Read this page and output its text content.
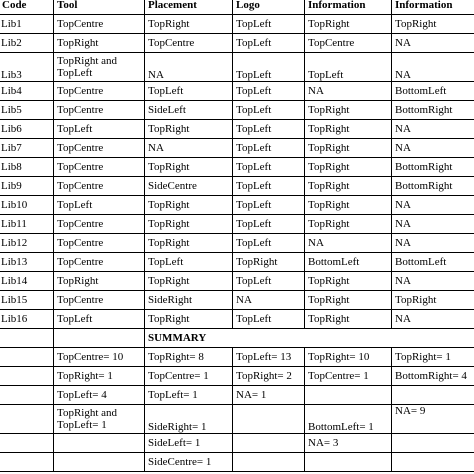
Code	Tool	Placement	Logo	Information	Information
Lib1	TopCentre	TopRight	TopLeft	TopRight	TopRight
Lib2	TopRight	TopCentre	TopLeft	TopCentre	NA
Lib3	TopRight and TopLeft	NA	TopLeft	TopLeft	NA
Lib4	TopCentre	TopLeft	TopLeft	NA	BottomLeft
Lib5	TopCentre	SideLeft	TopLeft	TopRight	BottomRight
Lib6	TopLeft	TopRight	TopLeft	TopRight	NA
Lib7	TopCentre	NA	TopLeft	TopRight	NA
Lib8	TopCentre	TopRight	TopLeft	TopRight	BottomRight
Lib9	TopCentre	SideCentre	TopLeft	TopRight	BottomRight
Lib10	TopLeft	TopRight	TopLeft	TopRight	NA
Lib11	TopCentre	TopRight	TopLeft	TopRight	NA
Lib12	TopCentre	TopRight	TopLeft	NA	NA
Lib13	TopCentre	TopLeft	TopRight	BottomLeft	BottomLeft
Lib14	TopRight	TopRight	TopLeft	TopRight	NA
Lib15	TopCentre	SideRight	NA	TopRight	TopRight
Lib16	TopLeft	TopRight	TopLeft	TopRight	NA
		SUMMARY			
	TopCentre= 10	TopRight= 8	TopLeft= 13	TopRight= 10	TopRight= 1
	TopRight= 1	TopCentre= 1	TopRight= 2	TopCentre= 1	BottomRight= 4
	TopLeft= 4	TopLeft= 1	NA= 1		
	TopRight and TopLeft= 1	SideRight= 1		BottomLeft= 1	NA= 9
		SideLeft= 1		NA= 3	
		SideCentre= 1			
